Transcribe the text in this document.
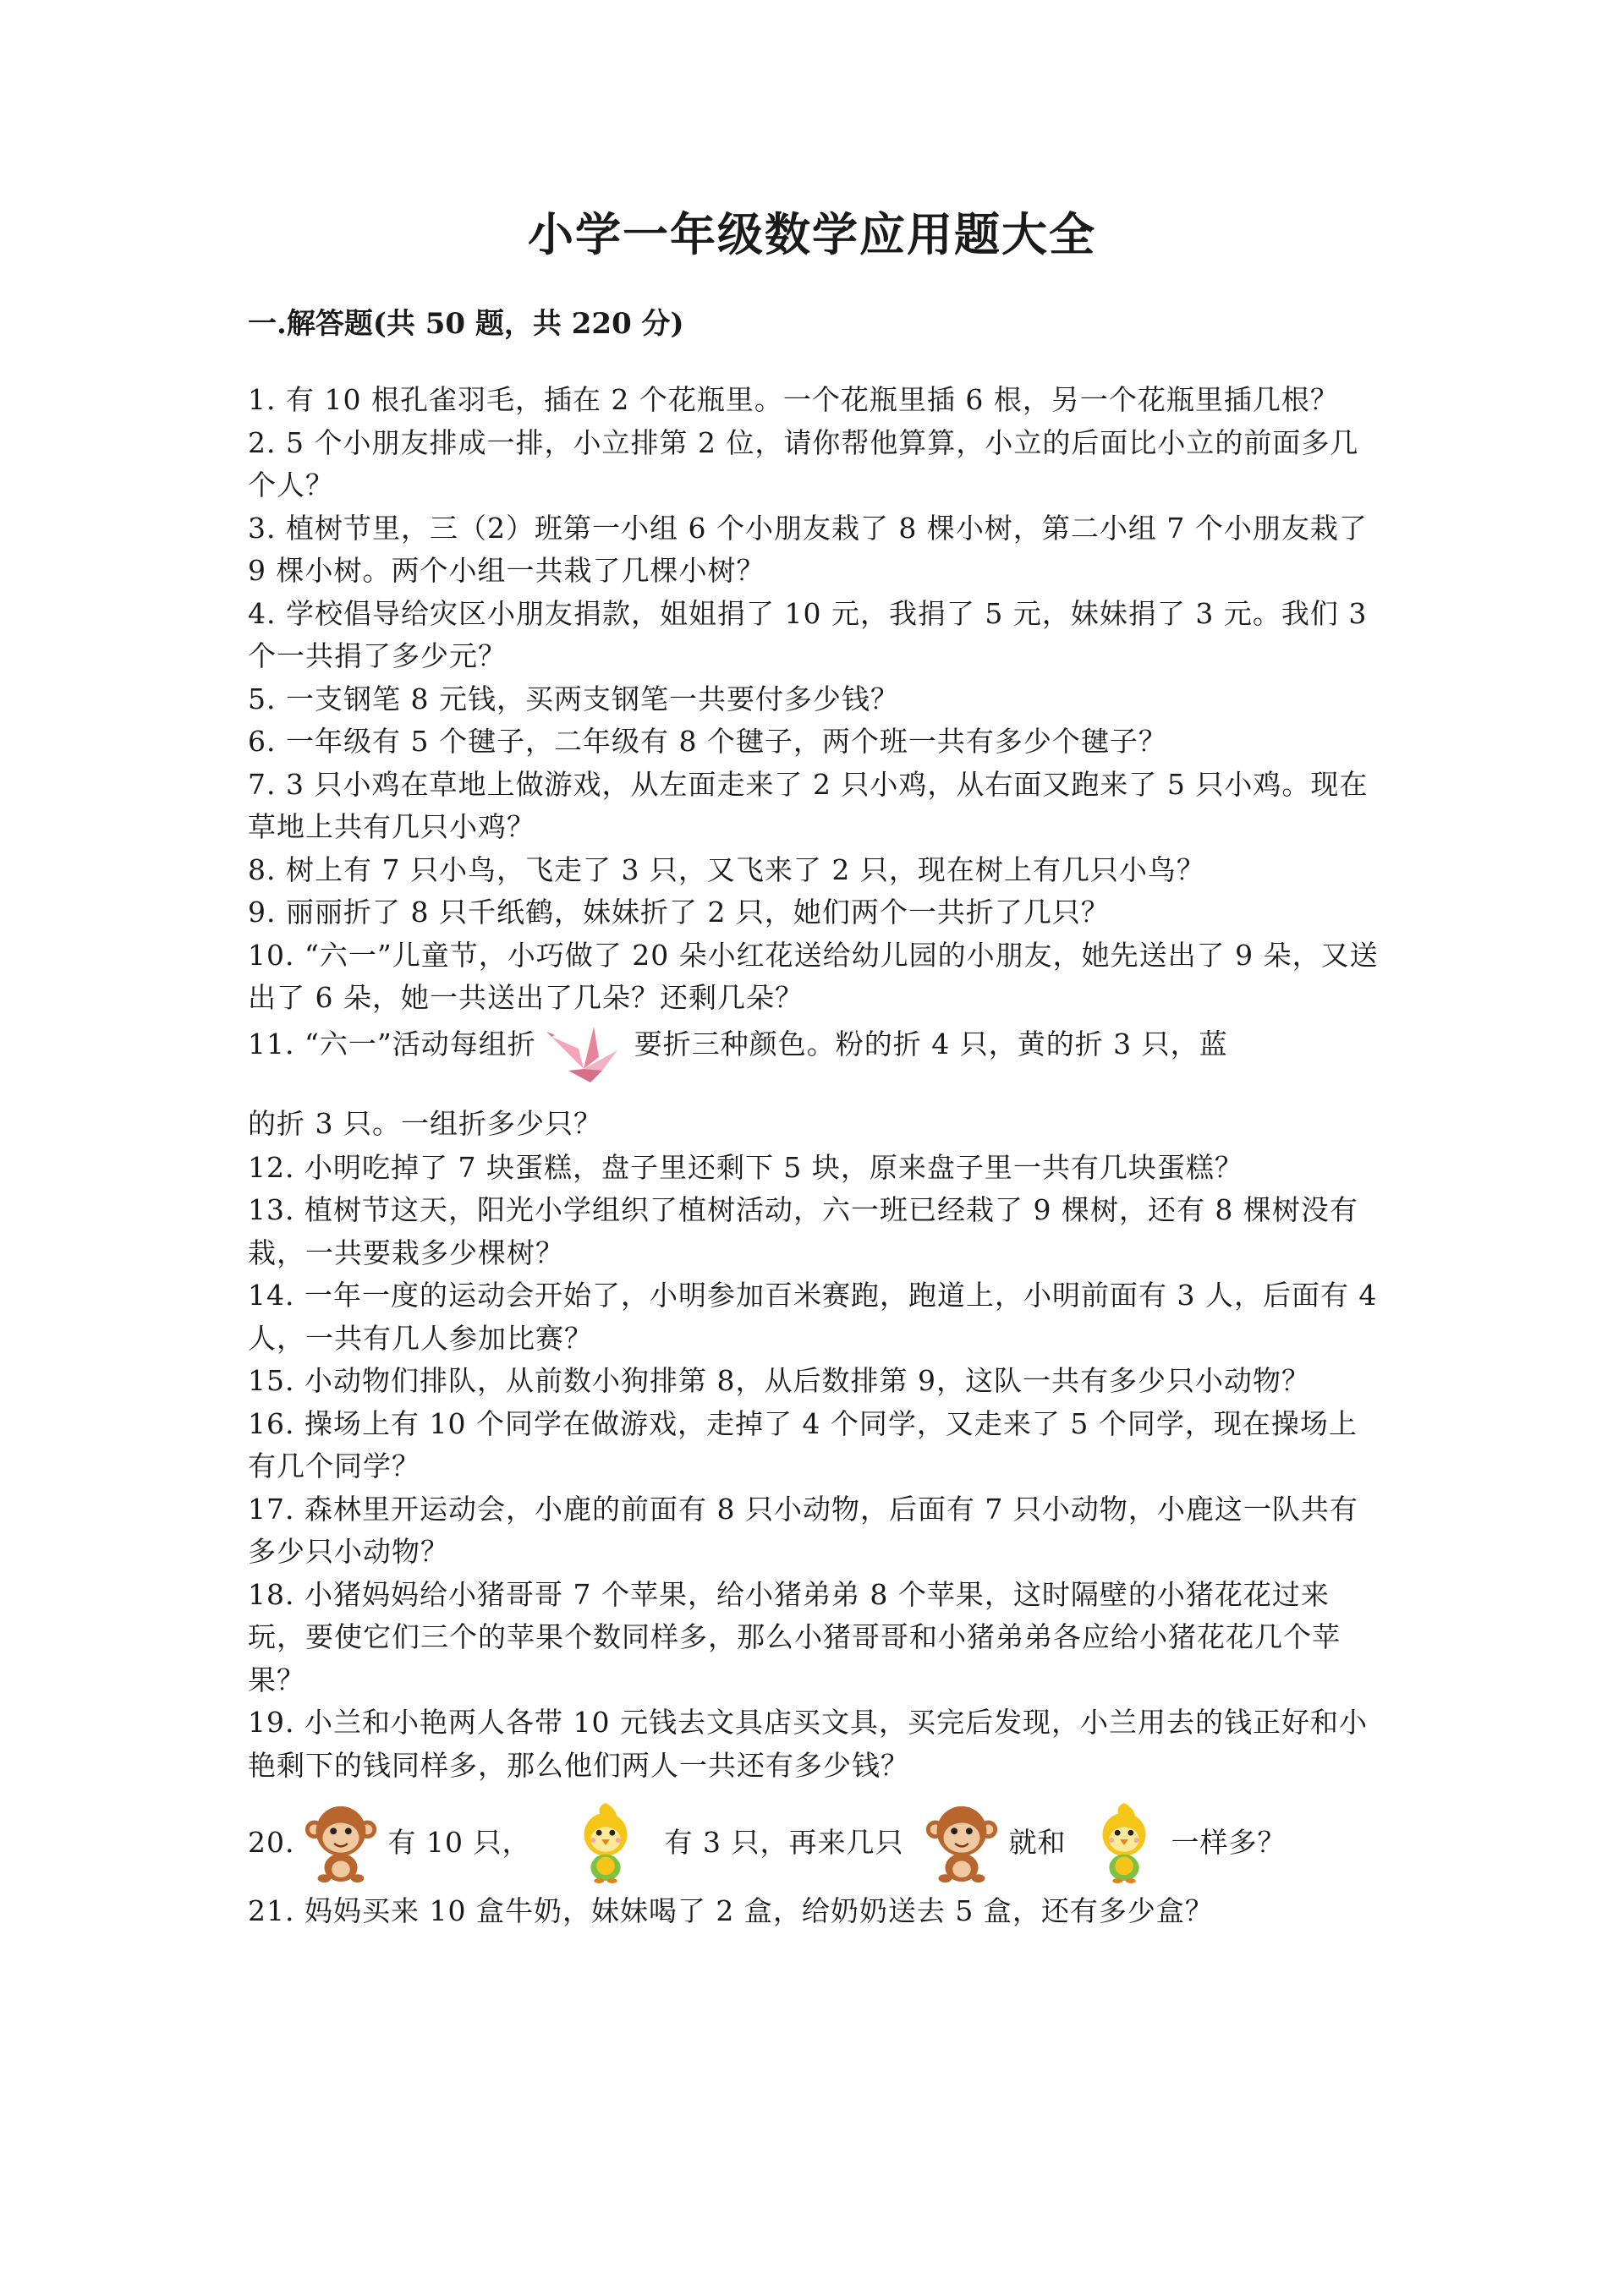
小学一年级数学应用题大全
一.解答题(共 50 题，共 220 分)

1. 有 10 根孔雀羽毛，插在 2 个花瓶里。一个花瓶里插 6 根，另一个花瓶里插几根？

2. 5 个小朋友排成一排，小立排第 2 位，请你帮他算算，小立的后面比小立的前面多几个人？

3. 植树节里，三（2）班第一小组 6 个小朋友栽了 8 棵小树，第二小组 7 个小朋友栽了 9 棵小树。两个小组一共栽了几棵小树？

4. 学校倡导给灾区小朋友捐款，姐姐捐了 10 元，我捐了 5 元，妹妹捐了 3 元。我们 3 个一共捐了多少元？

5. 一支钢笔 8 元钱，买两支钢笔一共要付多少钱？

6. 一年级有 5 个毽子，二年级有 8 个毽子，两个班一共有多少个毽子？

7. 3 只小鸡在草地上做游戏，从左面走来了 2 只小鸡，从右面又跑来了 5 只小鸡。现在草地上共有几只小鸡？

8. 树上有 7 只小鸟，飞走了 3 只，又飞来了 2 只，现在树上有几只小鸟？

9. 丽丽折了 8 只千纸鹤，妹妹折了 2 只，她们两个一共折了几只？

10. “六一”儿童节，小巧做了 20 朵小红花送给幼儿园的小朋友，她先送出了 9 朵，又送出了 6 朵，她一共送出了几朵？还剩几朵？

11. “六一”活动每组折	要折三种颜色。粉的折 4 只，黄的折 3 只，蓝
的折 3 只。一组折多少只？

12. 小明吃掉了 7 块蛋糕，盘子里还剩下 5 块，原来盘子里一共有几块蛋糕？

13. 植树节这天，阳光小学组织了植树活动，六一班已经栽了 9 棵树，还有 8 棵树没有栽，一共要栽多少棵树？

14. 一年一度的运动会开始了，小明参加百米赛跑，跑道上，小明前面有 3 人，后面有 4 人，一共有几人参加比赛？

15. 小动物们排队，从前数小狗排第 8，从后数排第 9，这队一共有多少只小动物？

16. 操场上有 10 个同学在做游戏，走掉了 4 个同学，又走来了 5 个同学，现在操场上有几个同学？

17. 森林里开运动会，小鹿的前面有 8 只小动物，后面有 7 只小动物，小鹿这一队共有多少只小动物？

18. 小猪妈妈给小猪哥哥 7 个苹果，给小猪弟弟 8 个苹果，这时隔壁的小猪花花过来玩，要使它们三个的苹果个数同样多，那么小猪哥哥和小猪弟弟各应给小猪花花几个苹果？

19. 小兰和小艳两人各带 10 元钱去文具店买文具，买完后发现，小兰用去的钱正好和小艳剩下的钱同样多，那么他们两人一共还有多少钱？

20.	有 10 只，	有 3 只，再来几只	就和	一样多？

21. 妈妈买来 10 盒牛奶，妹妹喝了 2 盒，给奶奶送去 5 盒，还有多少盒？
